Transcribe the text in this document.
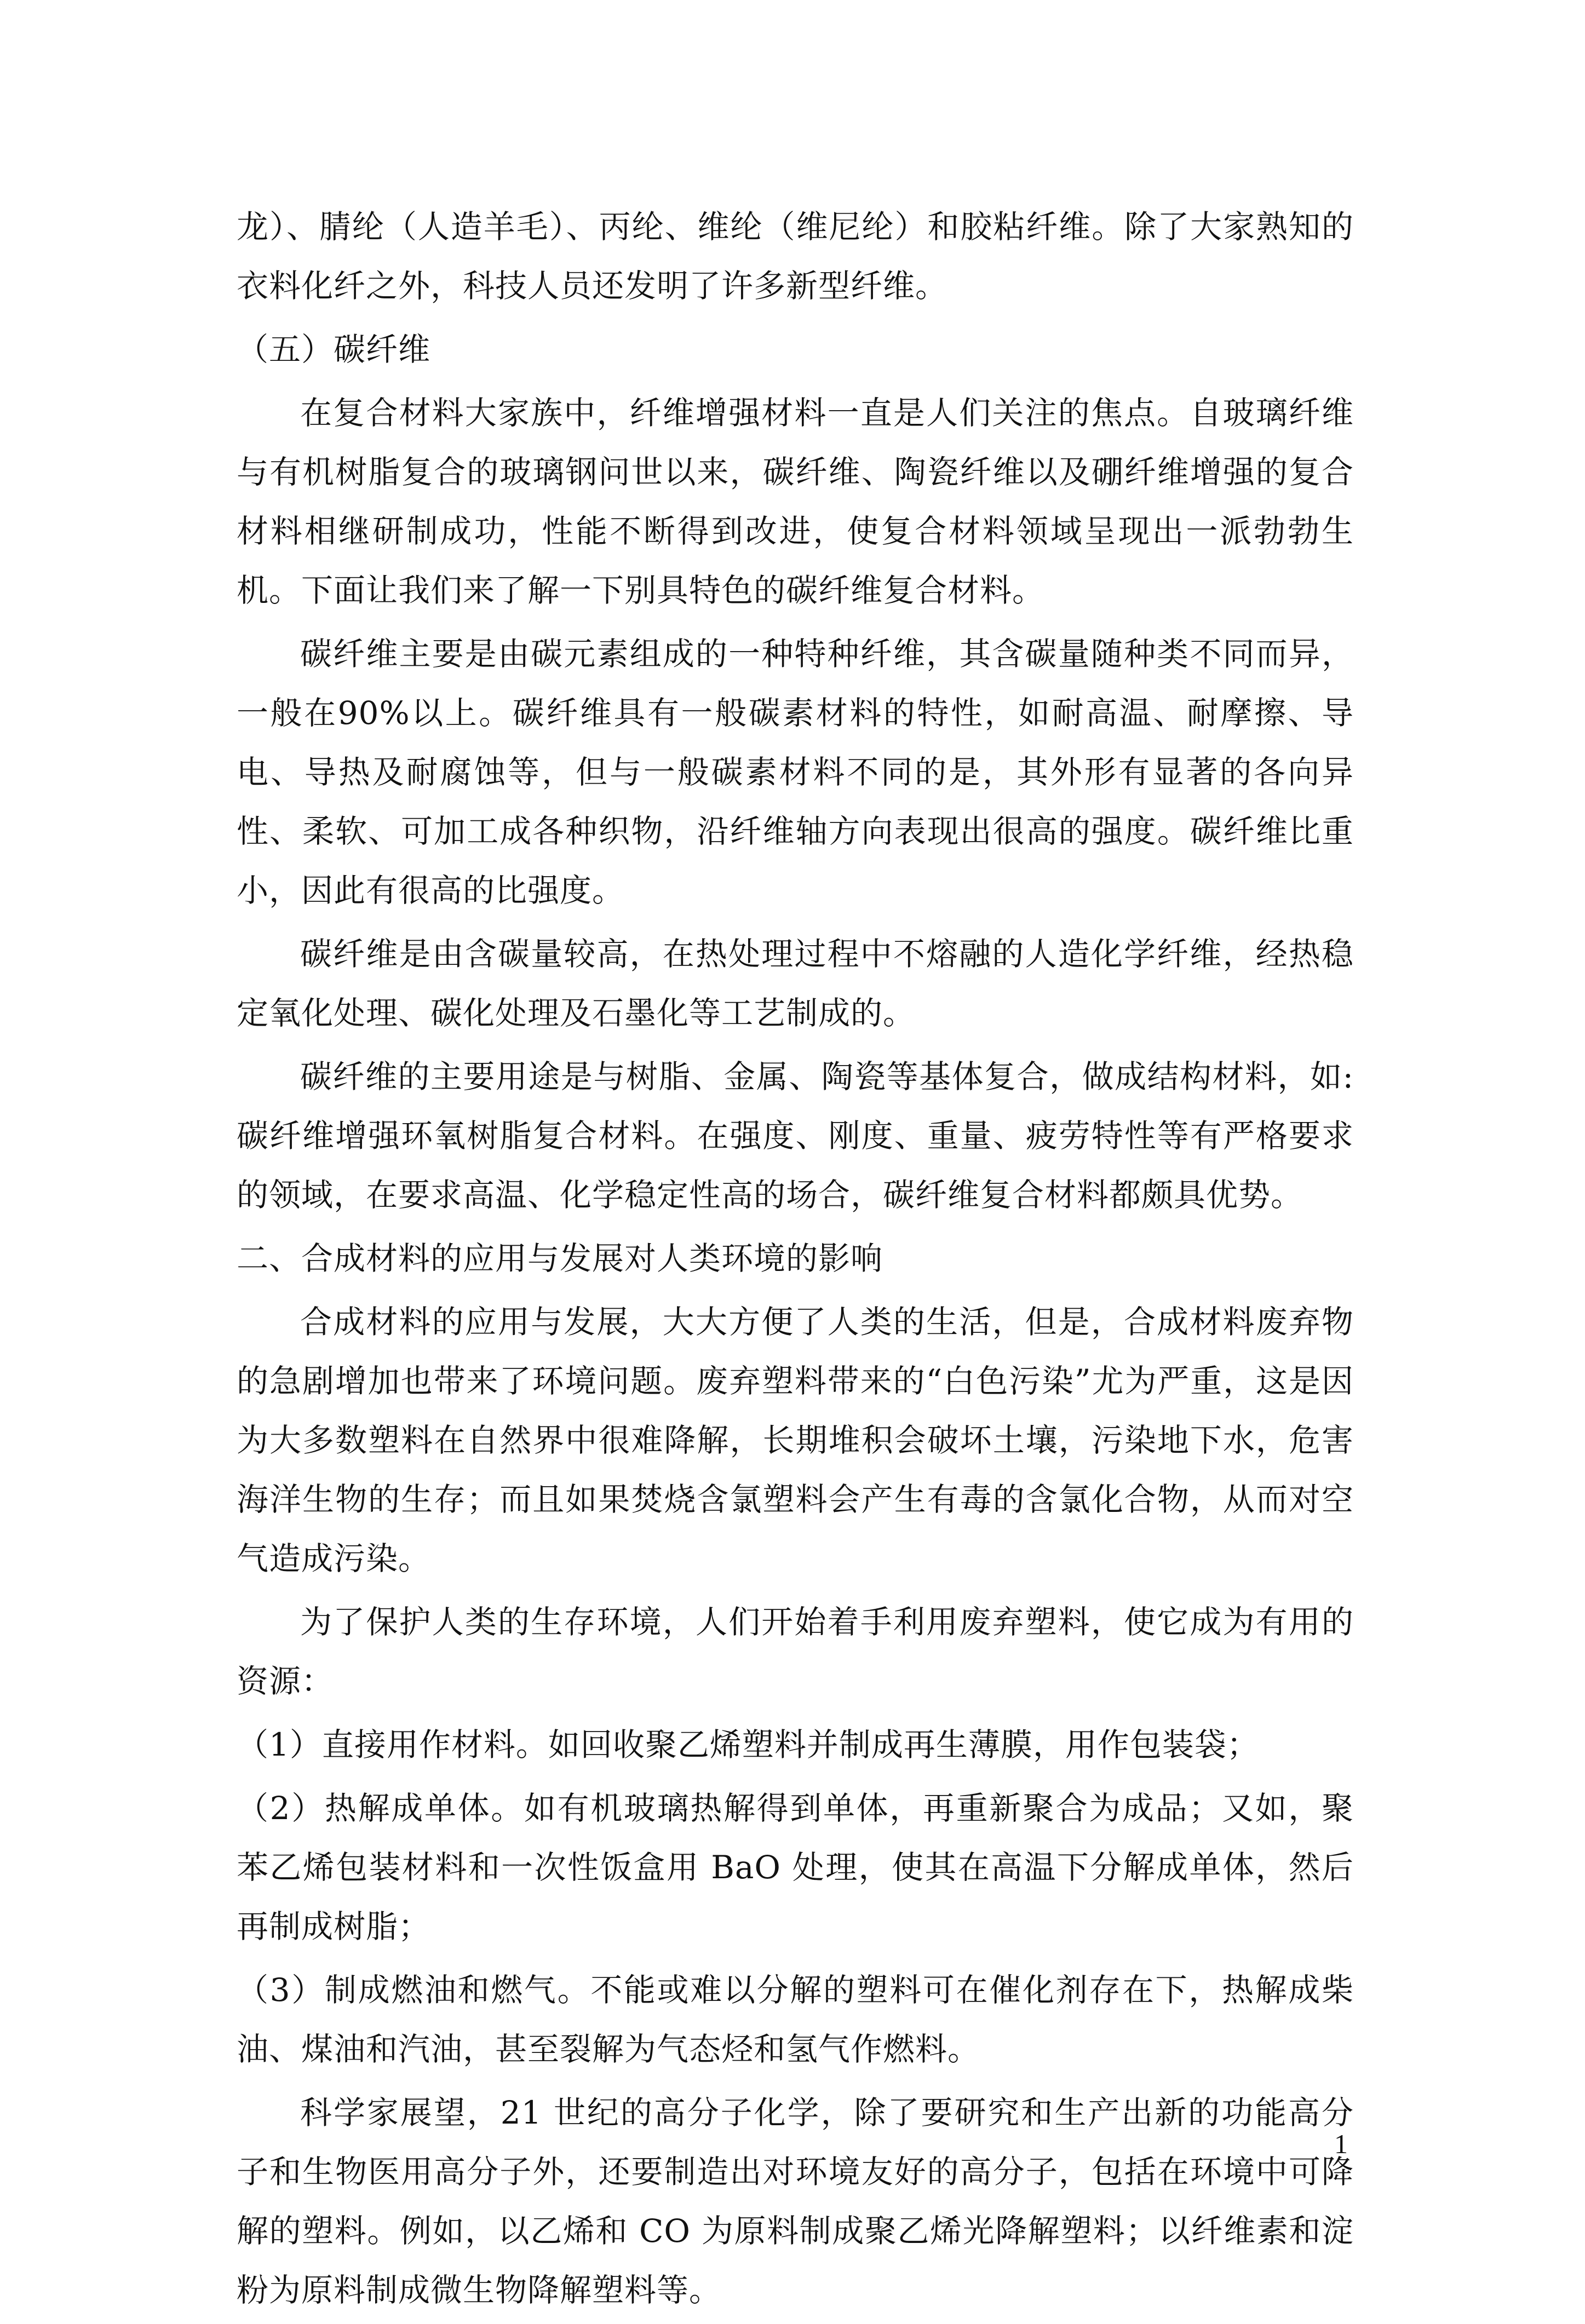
龙）、腈纶（人造羊毛）、丙纶、维纶（维尼纶）和胶粘纤维。除了大家熟知的衣料化纤之外，科技人员还发明了许多新型纤维。

（五）碳纤维

在复合材料大家族中，纤维增强材料一直是人们关注的焦点。自玻璃纤维与有机树脂复合的玻璃钢问世以来，碳纤维、陶瓷纤维以及硼纤维增强的复合材料相继研制成功，性能不断得到改进，使复合材料领域呈现出一派勃勃生机。下面让我们来了解一下别具特色的碳纤维复合材料。

碳纤维主要是由碳元素组成的一种特种纤维，其含碳量随种类不同而异，一般在90%以上。碳纤维具有一般碳素材料的特性，如耐高温、耐摩擦、导电、导热及耐腐蚀等，但与一般碳素材料不同的是，其外形有显著的各向异性、柔软、可加工成各种织物，沿纤维轴方向表现出很高的强度。碳纤维比重小，因此有很高的比强度。

碳纤维是由含碳量较高，在热处理过程中不熔融的人造化学纤维，经热稳定氧化处理、碳化处理及石墨化等工艺制成的。

碳纤维的主要用途是与树脂、金属、陶瓷等基体复合，做成结构材料，如:碳纤维增强环氧树脂复合材料。在强度、刚度、重量、疲劳特性等有严格要求的领域，在要求高温、化学稳定性高的场合，碳纤维复合材料都颇具优势。

二、合成材料的应用与发展对人类环境的影响

合成材料的应用与发展，大大方便了人类的生活，但是，合成材料废弃物的急剧增加也带来了环境问题。废弃塑料带来的“白色污染”尤为严重，这是因为大多数塑料在自然界中很难降解，长期堆积会破坏土壤，污染地下水，危害海洋生物的生存；而且如果焚烧含氯塑料会产生有毒的含氯化合物，从而对空气造成污染。

为了保护人类的生存环境，人们开始着手利用废弃塑料，使它成为有用的资源：

（1）直接用作材料。如回收聚乙烯塑料并制成再生薄膜，用作包装袋；

（2）热解成单体。如有机玻璃热解得到单体，再重新聚合为成品；又如，聚苯乙烯包装材料和一次性饭盒用 BaO 处理，使其在高温下分解成单体，然后再制成树脂；

（3）制成燃油和燃气。不能或难以分解的塑料可在催化剂存在下，热解成柴油、煤油和汽油，甚至裂解为气态烃和氢气作燃料。

科学家展望，21 世纪的高分子化学，除了要研究和生产出新的功能高分子和生物医用高分子外，还要制造出对环境友好的高分子，包括在环境中可降解的塑料。例如，以乙烯和 CO 为原料制成聚乙烯光降解塑料；以纤维素和淀粉为原料制成微生物降解塑料等。

1
